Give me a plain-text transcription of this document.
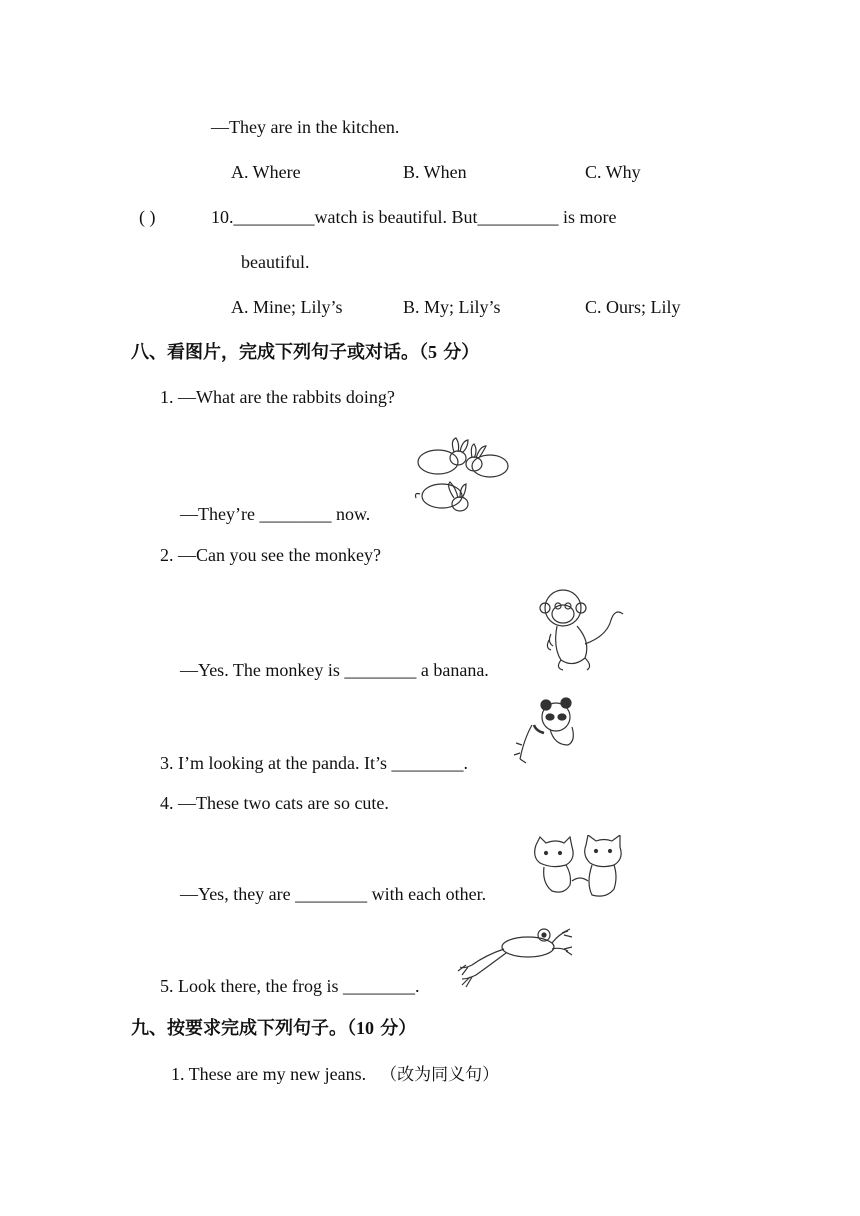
—They are in the kitchen.
A. Where	B. When	C. Why
( )	10._________watch is beautiful. But_________ is more
beautiful.
A. Mine; Lily’s	B. My; Lily’s	C. Ours; Lily
八、看图片，完成下列句子或对话。（5 分）
1. —What are the rabbits doing?
—They’re ________ now.
2. —Can you see the monkey?
—Yes. The monkey is ________ a banana.
3. I’m looking at the panda. It’s ________.
4. —These two cats are so cute.
—Yes, they are ________ with each other.
5. Look there, the frog is ________.
九、按要求完成下列句子。（10 分）
1. These are my new jeans. （改为同义句）
